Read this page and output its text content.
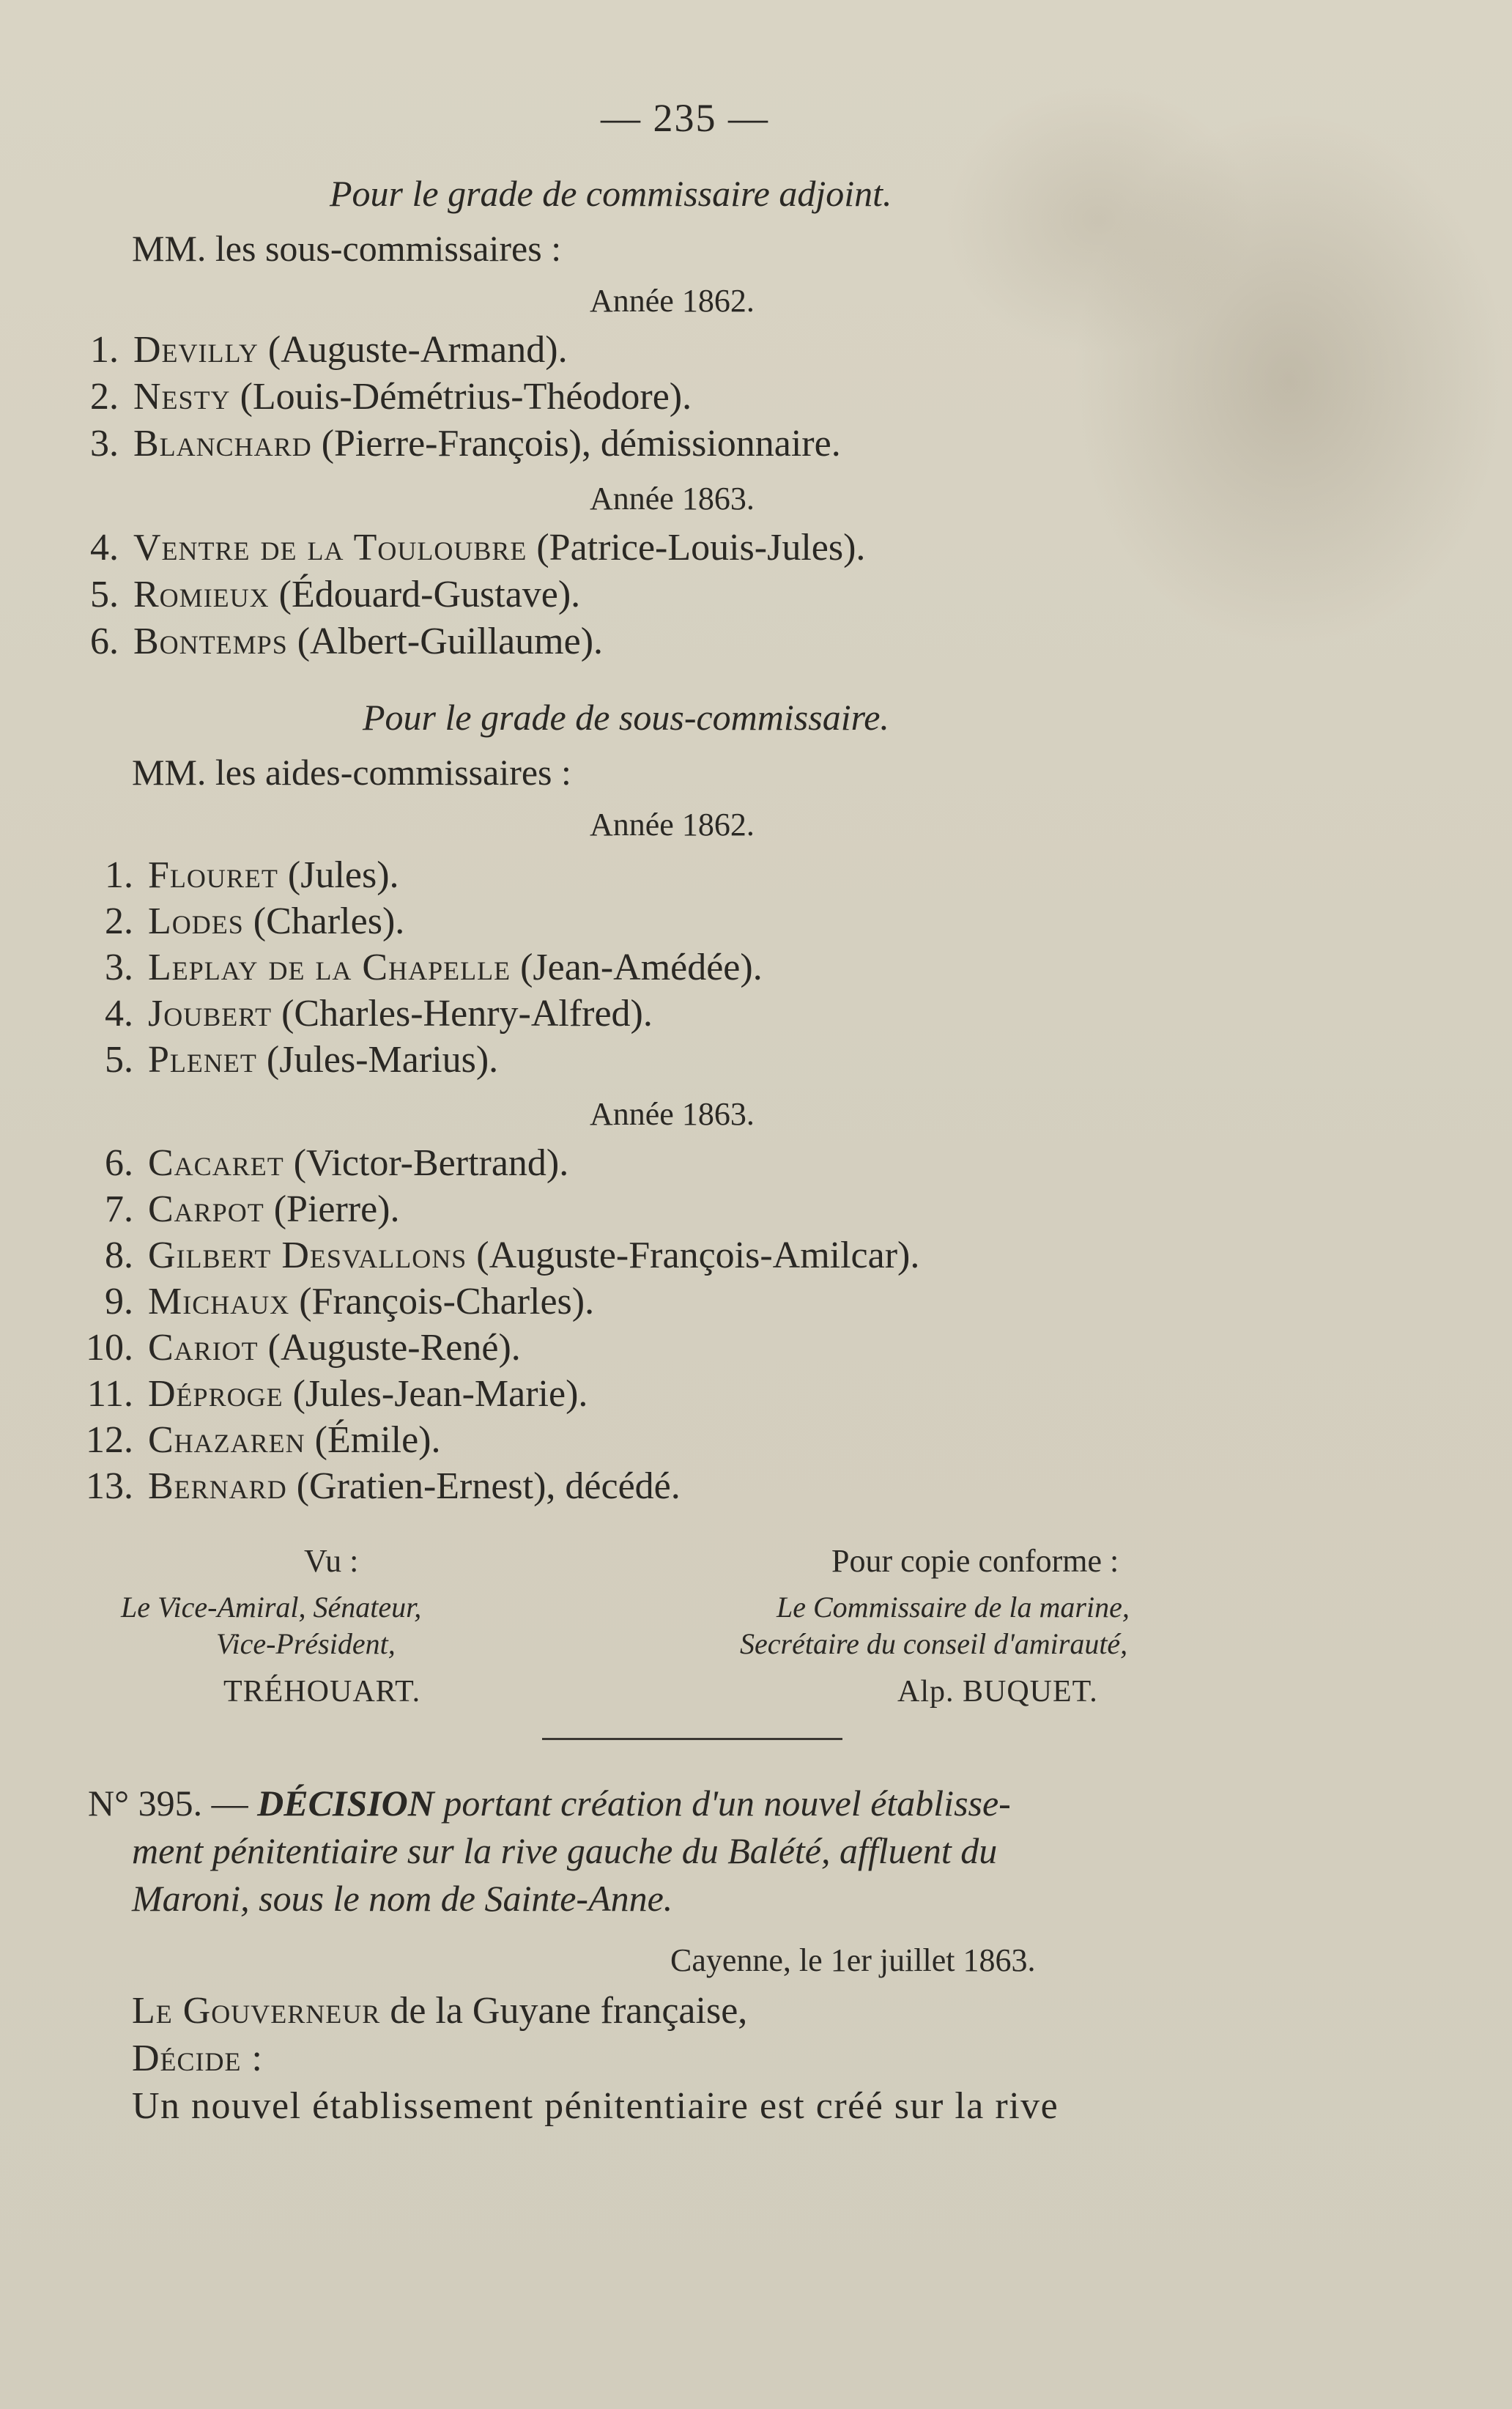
— 235 —
Pour le grade de commissaire adjoint.
MM. les sous-commissaires :
Année 1862.
1. Devilly (Auguste-Armand).
2. Nesty (Louis-Démétrius-Théodore).
3. Blanchard (Pierre-François), démissionnaire.
Année 1863.
4. Ventre de la Touloubre (Patrice-Louis-Jules).
5. Romieux (Édouard-Gustave).
6. Bontemps (Albert-Guillaume).
Pour le grade de sous-commissaire.
MM. les aides-commissaires :
Année 1862.
1. Flouret (Jules).
2. Lodes (Charles).
3. Leplay de la Chapelle (Jean-Amédée).
4. Joubert (Charles-Henry-Alfred).
5. Plenet (Jules-Marius).
Année 1863.
6. Cacaret (Victor-Bertrand).
7. Carpot (Pierre).
8. Gilbert Desvallons (Auguste-François-Amilcar).
9. Michaux (François-Charles).
10. Cariot (Auguste-René).
11. Déproge (Jules-Jean-Marie).
12. Chazaren (Émile).
13. Bernard (Gratien-Ernest), décédé.
Vu :
Le Vice-Amiral, Sénateur,
Vice-Président,
TRÉHOUART.
Pour copie conforme :
Le Commissaire de la marine,
Secrétaire du conseil d'amirauté,
Alp. BUQUET.
N° 395. — DÉCISION portant création d'un nouvel établisse-
ment pénitentiaire sur la rive gauche du Balété, affluent du
Maroni, sous le nom de Sainte-Anne.
Cayenne, le 1er juillet 1863.
Le Gouverneur de la Guyane française,
Décide :
Un nouvel établissement pénitentiaire est créé sur la rive
